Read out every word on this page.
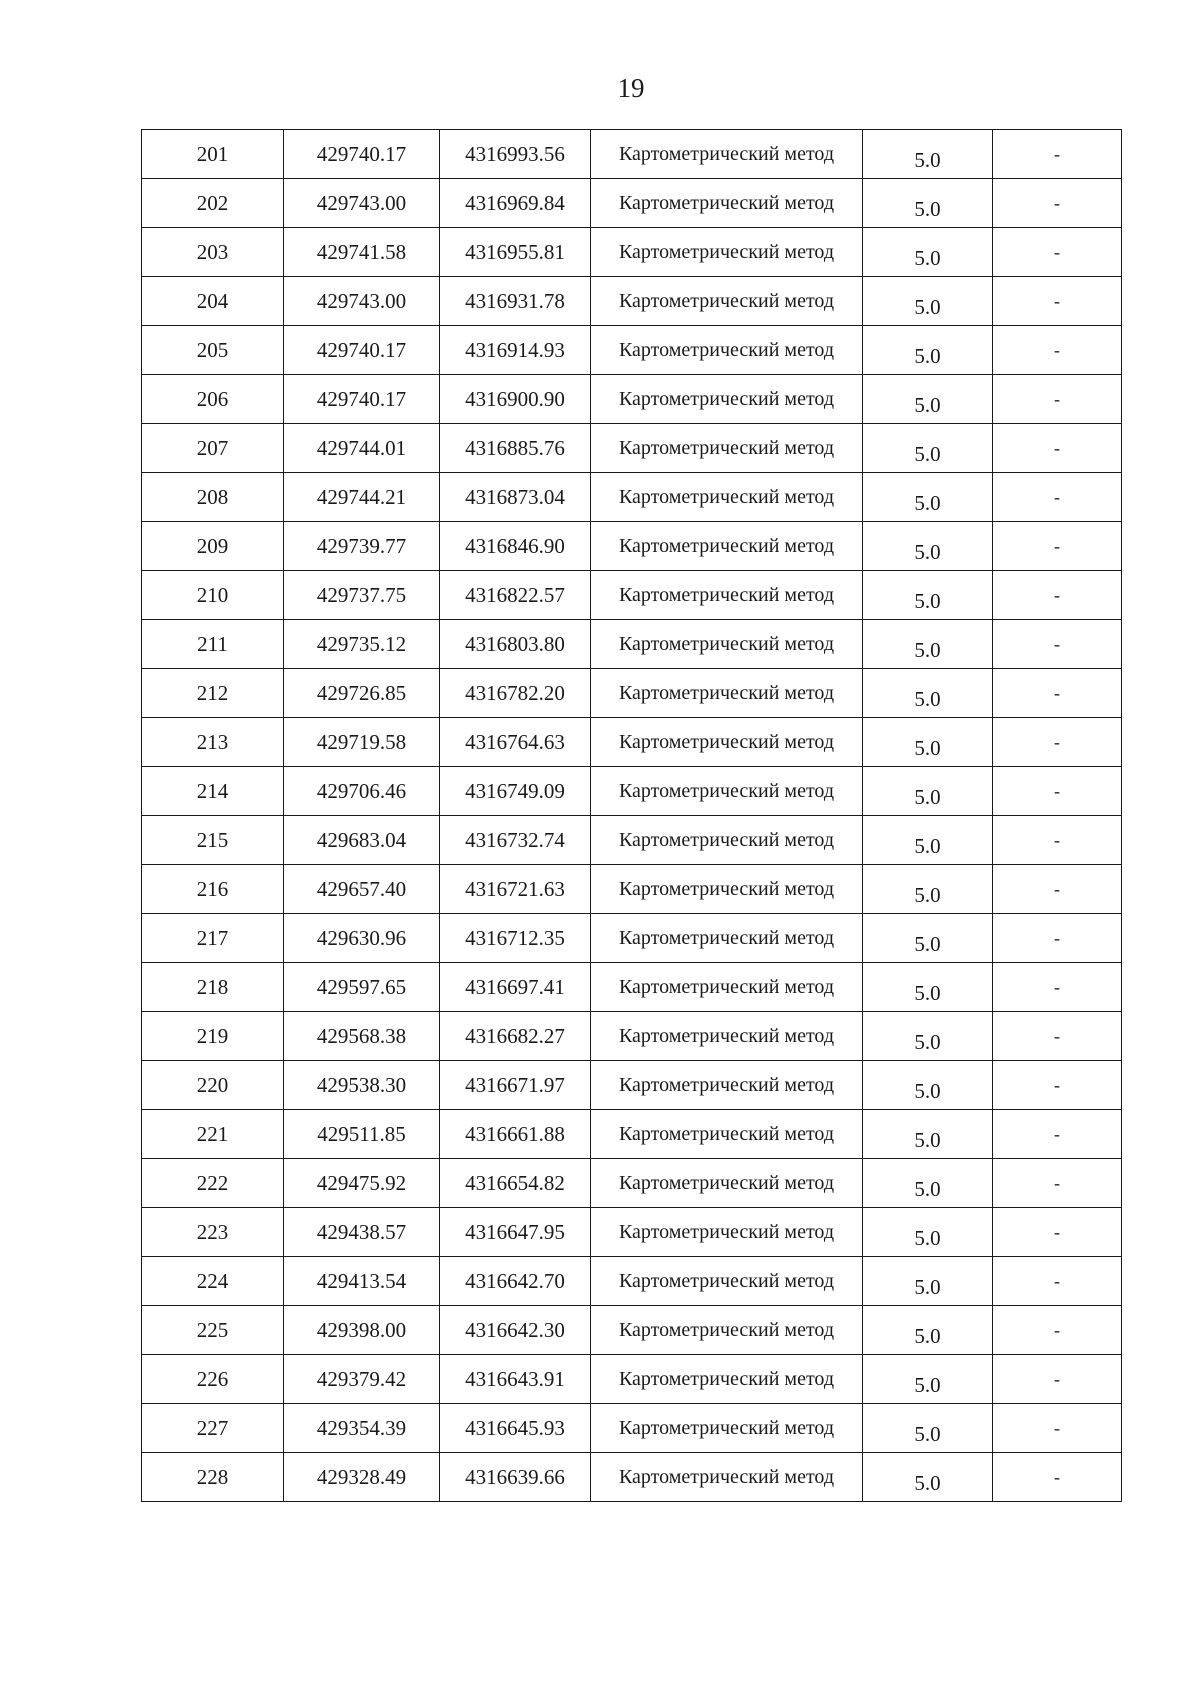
19
201	429740.17	4316993.56	Картометрический метод	5.0	-
202	429743.00	4316969.84	Картометрический метод	5.0	-
203	429741.58	4316955.81	Картометрический метод	5.0	-
204	429743.00	4316931.78	Картометрический метод	5.0	-
205	429740.17	4316914.93	Картометрический метод	5.0	-
206	429740.17	4316900.90	Картометрический метод	5.0	-
207	429744.01	4316885.76	Картометрический метод	5.0	-
208	429744.21	4316873.04	Картометрический метод	5.0	-
209	429739.77	4316846.90	Картометрический метод	5.0	-
210	429737.75	4316822.57	Картометрический метод	5.0	-
211	429735.12	4316803.80	Картометрический метод	5.0	-
212	429726.85	4316782.20	Картометрический метод	5.0	-
213	429719.58	4316764.63	Картометрический метод	5.0	-
214	429706.46	4316749.09	Картометрический метод	5.0	-
215	429683.04	4316732.74	Картометрический метод	5.0	-
216	429657.40	4316721.63	Картометрический метод	5.0	-
217	429630.96	4316712.35	Картометрический метод	5.0	-
218	429597.65	4316697.41	Картометрический метод	5.0	-
219	429568.38	4316682.27	Картометрический метод	5.0	-
220	429538.30	4316671.97	Картометрический метод	5.0	-
221	429511.85	4316661.88	Картометрический метод	5.0	-
222	429475.92	4316654.82	Картометрический метод	5.0	-
223	429438.57	4316647.95	Картометрический метод	5.0	-
224	429413.54	4316642.70	Картометрический метод	5.0	-
225	429398.00	4316642.30	Картометрический метод	5.0	-
226	429379.42	4316643.91	Картометрический метод	5.0	-
227	429354.39	4316645.93	Картометрический метод	5.0	-
228	429328.49	4316639.66	Картометрический метод	5.0	-
